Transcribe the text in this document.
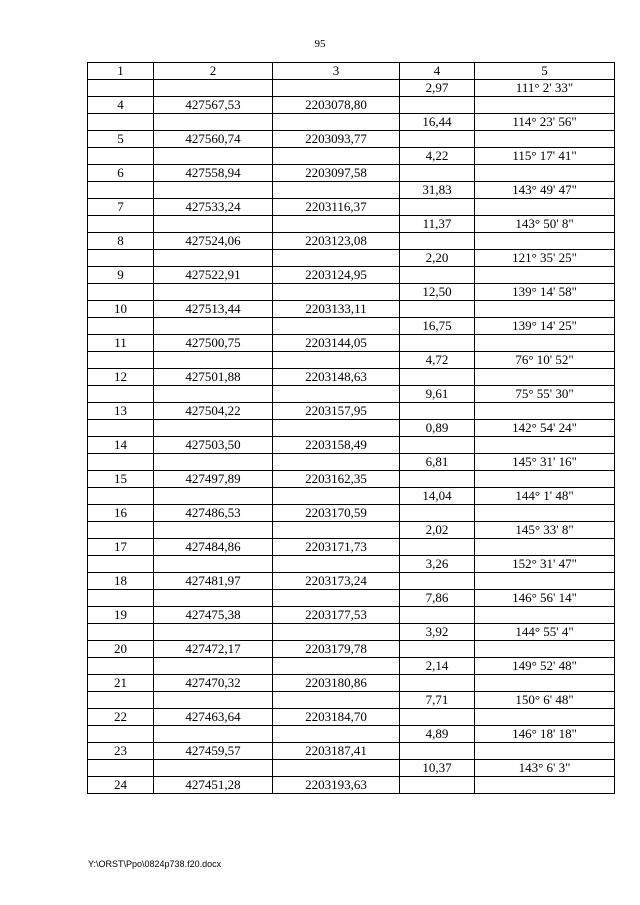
95
1	2	3	4	5
			2,97	111° 2' 33"
4	427567,53	2203078,80		
			16,44	114° 23' 56"
5	427560,74	2203093,77		
			4,22	115° 17' 41"
6	427558,94	2203097,58		
			31,83	143° 49' 47"
7	427533,24	2203116,37		
			11,37	143° 50' 8"
8	427524,06	2203123,08		
			2,20	121° 35' 25"
9	427522,91	2203124,95		
			12,50	139° 14' 58"
10	427513,44	2203133,11		
			16,75	139° 14' 25"
11	427500,75	2203144,05		
			4,72	76° 10' 52"
12	427501,88	2203148,63		
			9,61	75° 55' 30"
13	427504,22	2203157,95		
			0,89	142° 54' 24"
14	427503,50	2203158,49		
			6,81	145° 31' 16"
15	427497,89	2203162,35		
			14,04	144° 1' 48"
16	427486,53	2203170,59		
			2,02	145° 33' 8"
17	427484,86	2203171,73		
			3,26	152° 31' 47"
18	427481,97	2203173,24		
			7,86	146° 56' 14"
19	427475,38	2203177,53		
			3,92	144° 55' 4"
20	427472,17	2203179,78		
			2,14	149° 52' 48"
21	427470,32	2203180,86		
			7,71	150° 6' 48"
22	427463,64	2203184,70		
			4,89	146° 18' 18"
23	427459,57	2203187,41		
			10,37	143° 6' 3"
24	427451,28	2203193,63		
Y:\ORST\Ppo\0824p738.f20.docx
